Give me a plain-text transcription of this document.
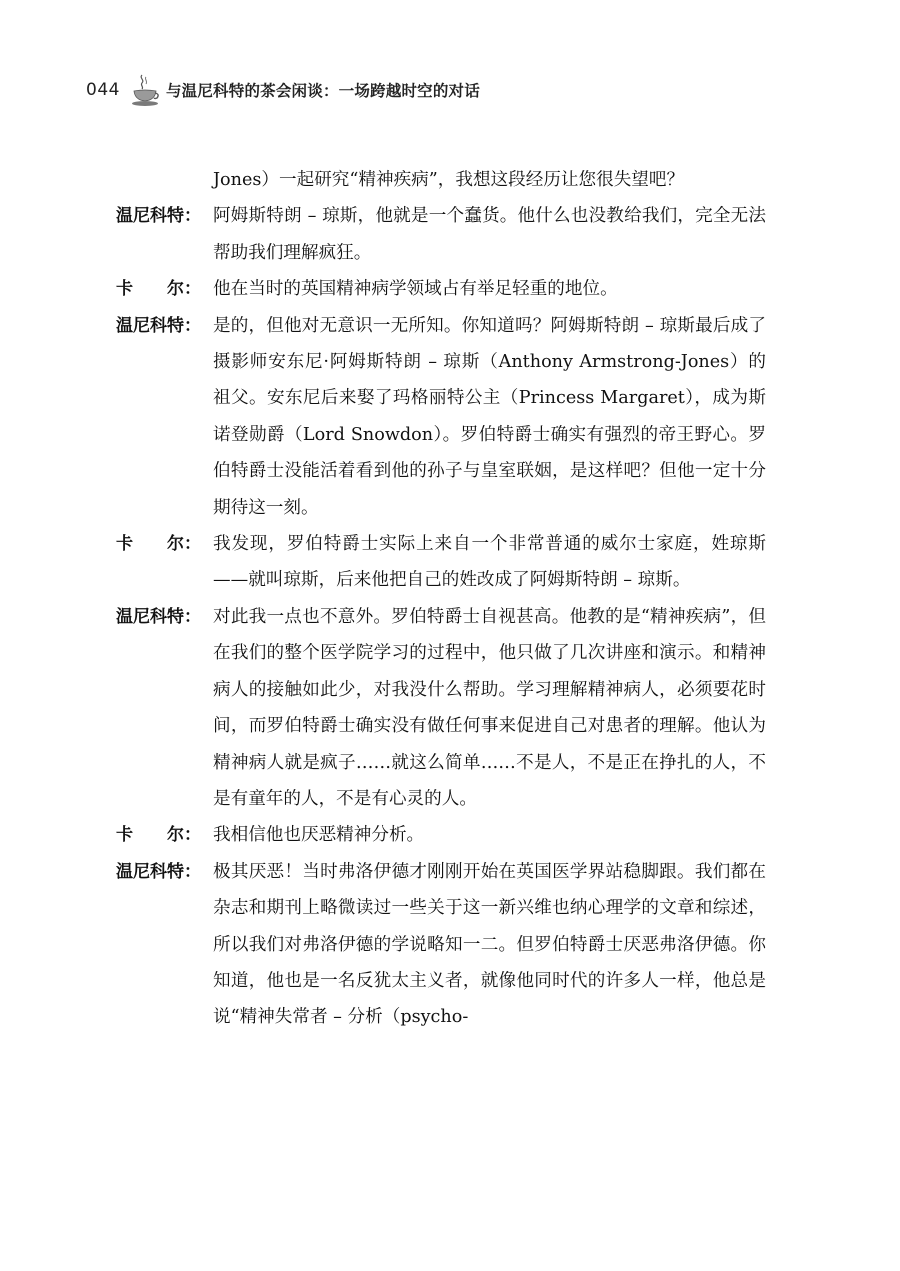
044	与温尼科特的茶会闲谈：一场跨越时空的对话
Jones）一起研究“精神疾病”，我想这段经历让您很失望吧？
温尼科特： 阿姆斯特朗 – 琼斯，他就是一个蠢货。他什么也没教给我们，完全无法帮助我们理解疯狂。
卡　　尔： 他在当时的英国精神病学领域占有举足轻重的地位。
温尼科特： 是的，但他对无意识一无所知。你知道吗？阿姆斯特朗 – 琼斯最后成了摄影师安东尼·阿姆斯特朗 – 琼斯（Anthony Armstrong-Jones）的祖父。安东尼后来娶了玛格丽特公主（Princess Margaret），成为斯诺登勋爵（Lord Snowdon）。罗伯特爵士确实有强烈的帝王野心。罗伯特爵士没能活着看到他的孙子与皇室联姻，是这样吧？但他一定十分期待这一刻。
卡　　尔： 我发现，罗伯特爵士实际上来自一个非常普通的威尔士家庭，姓琼斯——就叫琼斯，后来他把自己的姓改成了阿姆斯特朗 – 琼斯。
温尼科特： 对此我一点也不意外。罗伯特爵士自视甚高。他教的是“精神疾病”，但在我们的整个医学院学习的过程中，他只做了几次讲座和演示。和精神病人的接触如此少，对我没什么帮助。学习理解精神病人，必须要花时间，而罗伯特爵士确实没有做任何事来促进自己对患者的理解。他认为精神病人就是疯子……就这么简单……不是人，不是正在挣扎的人，不是有童年的人，不是有心灵的人。
卡　　尔： 我相信他也厌恶精神分析。
温尼科特： 极其厌恶！当时弗洛伊德才刚刚开始在英国医学界站稳脚跟。我们都在杂志和期刊上略微读过一些关于这一新兴维也纳心理学的文章和综述，所以我们对弗洛伊德的学说略知一二。但罗伯特爵士厌恶弗洛伊德。你知道，他也是一名反犹太主义者，就像他同时代的许多人一样，他总是说“精神失常者 – 分析（psycho-
